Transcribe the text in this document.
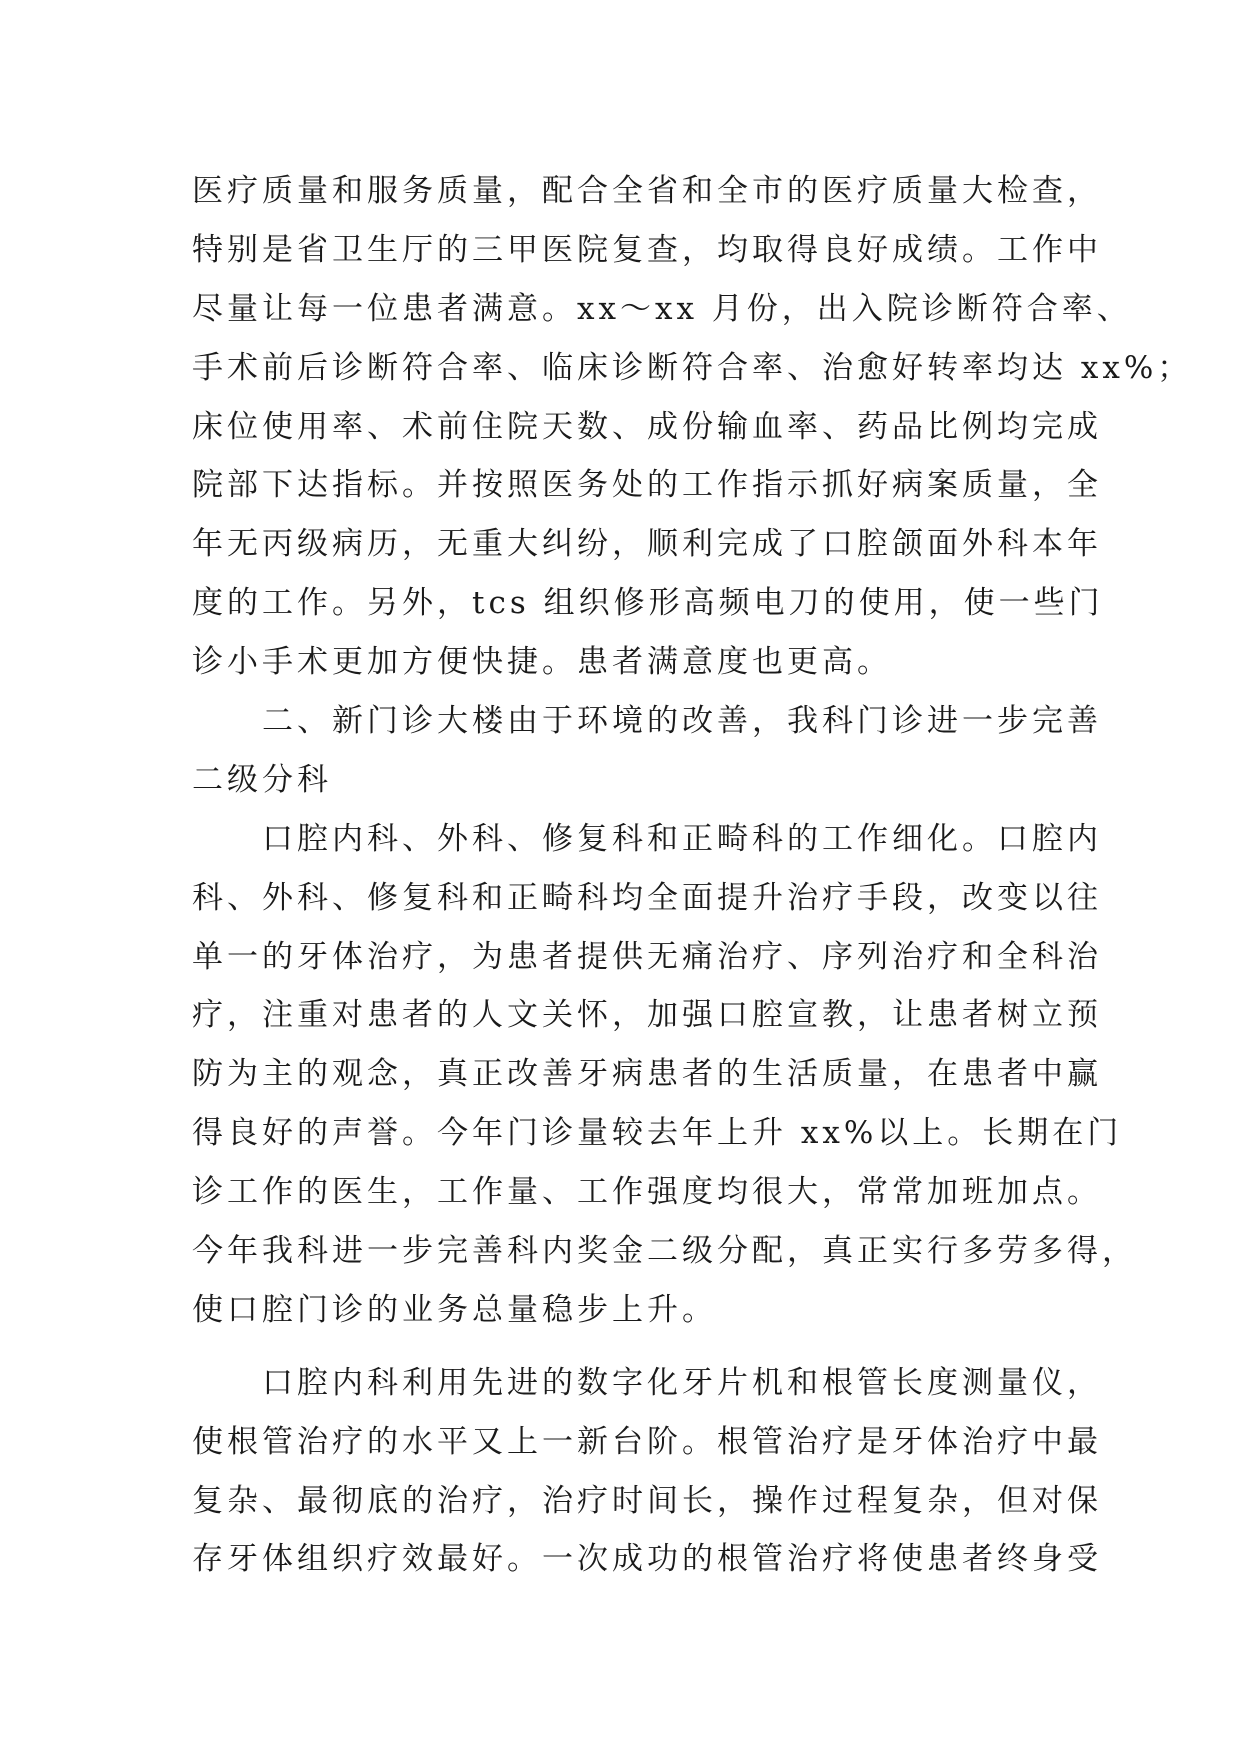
医疗质量和服务质量，配合全省和全市的医疗质量大检查，
特别是省卫生厅的三甲医院复查，均取得良好成绩。工作中
尽量让每一位患者满意。xx～xx 月份，出入院诊断符合率、
手术前后诊断符合率、临床诊断符合率、治愈好转率均达 xx%；
床位使用率、术前住院天数、成份输血率、药品比例均完成
院部下达指标。并按照医务处的工作指示抓好病案质量，全
年无丙级病历，无重大纠纷，顺利完成了口腔颌面外科本年
度的工作。另外，tcs 组织修形高频电刀的使用，使一些门
诊小手术更加方便快捷。患者满意度也更高。
二、新门诊大楼由于环境的改善，我科门诊进一步完善
二级分科
口腔内科、外科、修复科和正畸科的工作细化。口腔内
科、外科、修复科和正畸科均全面提升治疗手段，改变以往
单一的牙体治疗，为患者提供无痛治疗、序列治疗和全科治
疗，注重对患者的人文关怀，加强口腔宣教，让患者树立预
防为主的观念，真正改善牙病患者的生活质量，在患者中赢
得良好的声誉。今年门诊量较去年上升 xx%以上。长期在门
诊工作的医生，工作量、工作强度均很大，常常加班加点。
今年我科进一步完善科内奖金二级分配，真正实行多劳多得，
使口腔门诊的业务总量稳步上升。
口腔内科利用先进的数字化牙片机和根管长度测量仪，
使根管治疗的水平又上一新台阶。根管治疗是牙体治疗中最
复杂、最彻底的治疗，治疗时间长，操作过程复杂，但对保
存牙体组织疗效最好。一次成功的根管治疗将使患者终身受
